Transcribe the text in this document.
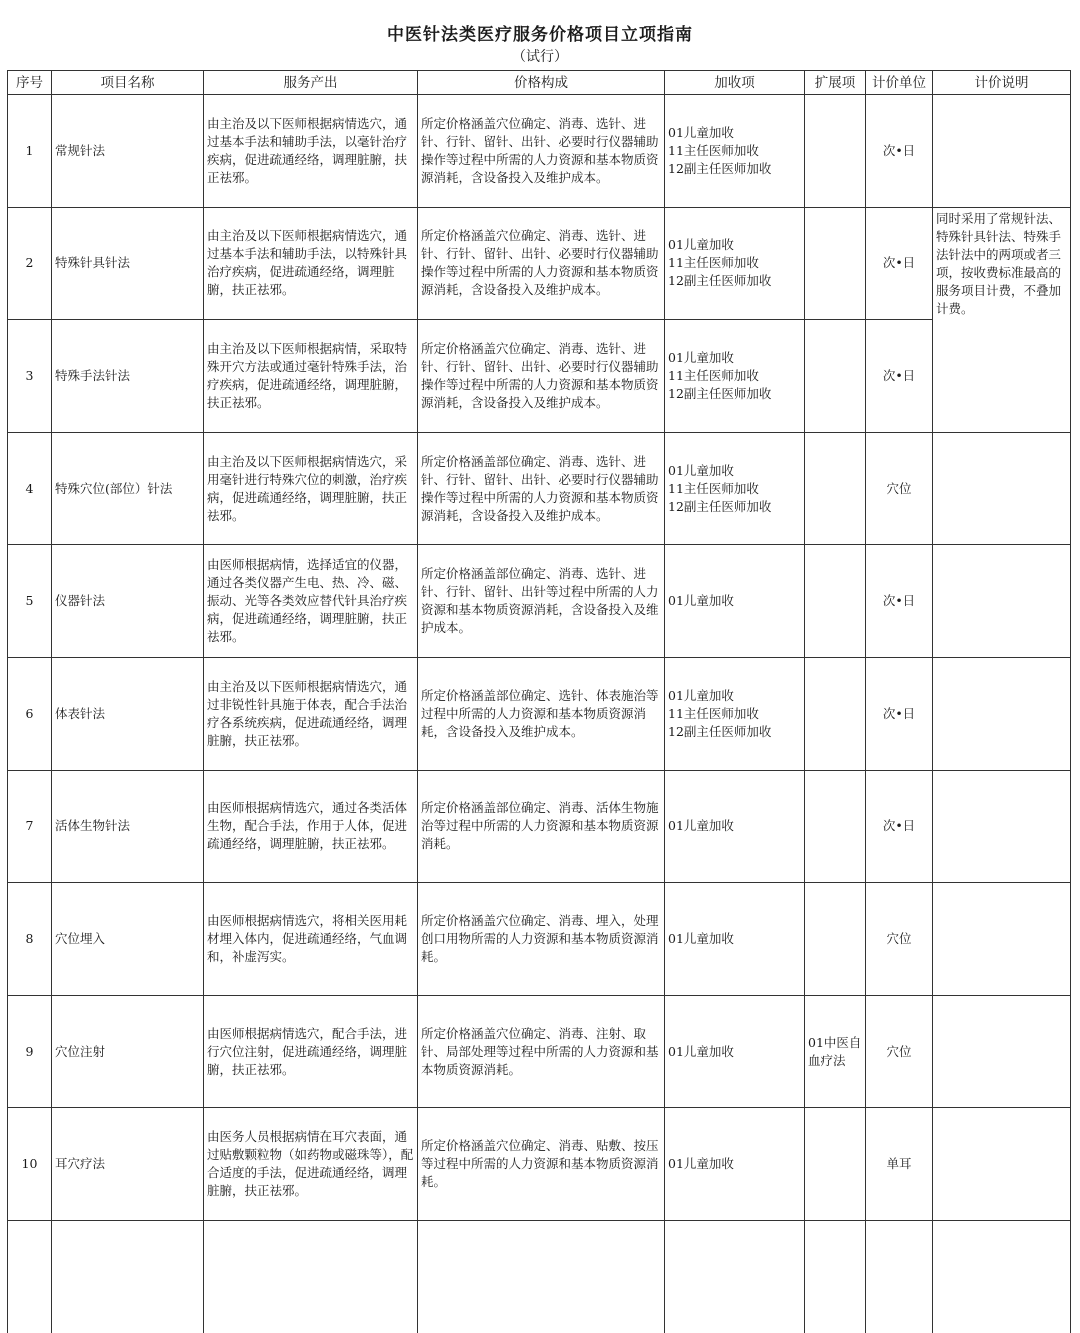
中医针法类医疗服务价格项目立项指南
（试行）
序号	项目名称	服务产出	价格构成	加收项	扩展项	计价单位	计价说明
1	常规针法	由主治及以下医师根据病情选穴，通过基本手法和辅助手法，以毫针治疗疾病，促进疏通经络，调理脏腑，扶正祛邪。	所定价格涵盖穴位确定、消毒、选针、进针、行针、留针、出针、必要时行仪器辅助操作等过程中所需的人力资源和基本物质资源消耗，含设备投入及维护成本。	01儿童加收
11主任医师加收
12副主任医师加收		次•日	
2	特殊针具针法	由主治及以下医师根据病情选穴，通过基本手法和辅助手法，以特殊针具治疗疾病，促进疏通经络，调理脏腑，扶正祛邪。	所定价格涵盖穴位确定、消毒、选针、进针、行针、留针、出针、必要时行仪器辅助操作等过程中所需的人力资源和基本物质资源消耗，含设备投入及维护成本。	01儿童加收
11主任医师加收
12副主任医师加收		次•日	同时采用了常规针法、特殊针具针法、特殊手法针法中的两项或者三项，按收费标准最高的服务项目计费，不叠加计费。
3	特殊手法针法	由主治及以下医师根据病情，采取特殊开穴方法或通过毫针特殊手法，治疗疾病，促进疏通经络，调理脏腑，扶正祛邪。	所定价格涵盖穴位确定、消毒、选针、进针、行针、留针、出针、必要时行仪器辅助操作等过程中所需的人力资源和基本物质资源消耗，含设备投入及维护成本。	01儿童加收
11主任医师加收
12副主任医师加收		次•日	
4	特殊穴位(部位）针法	由主治及以下医师根据病情选穴，采用毫针进行特殊穴位的刺激，治疗疾病，促进疏通经络，调理脏腑，扶正祛邪。	所定价格涵盖部位确定、消毒、选针、进针、行针、留针、出针、必要时行仪器辅助操作等过程中所需的人力资源和基本物质资源消耗，含设备投入及维护成本。	01儿童加收
11主任医师加收
12副主任医师加收		穴位	
5	仪器针法	由医师根据病情，选择适宜的仪器，通过各类仪器产生电、热、冷、磁、振动、光等各类效应替代针具治疗疾病，促进疏通经络，调理脏腑，扶正祛邪。	所定价格涵盖部位确定、消毒、选针、进针、行针、留针、出针等过程中所需的人力资源和基本物质资源消耗，含设备投入及维护成本。	01儿童加收		次•日	
6	体表针法	由主治及以下医师根据病情选穴，通过非锐性针具施于体表，配合手法治疗各系统疾病，促进疏通经络，调理脏腑，扶正祛邪。	所定价格涵盖部位确定、选针、体表施治等过程中所需的人力资源和基本物质资源消耗，含设备投入及维护成本。	01儿童加收
11主任医师加收
12副主任医师加收		次•日	
7	活体生物针法	由医师根据病情选穴，通过各类活体生物，配合手法，作用于人体，促进疏通经络，调理脏腑，扶正祛邪。	所定价格涵盖部位确定、消毒、活体生物施治等过程中所需的人力资源和基本物质资源消耗。	01儿童加收		次•日	
8	穴位埋入	由医师根据病情选穴，将相关医用耗材埋入体内，促进疏通经络，气血调和，补虚泻实。	所定价格涵盖穴位确定、消毒、埋入，处理创口用物所需的人力资源和基本物质资源消耗。	01儿童加收		穴位	
9	穴位注射	由医师根据病情选穴，配合手法，进行穴位注射，促进疏通经络，调理脏腑，扶正祛邪。	所定价格涵盖穴位确定、消毒、注射、取针、局部处理等过程中所需的人力资源和基本物质资源消耗。	01儿童加收	01中医自血疗法	穴位	
10	耳穴疗法	由医务人员根据病情在耳穴表面，通过贴敷颗粒物（如药物或磁珠等），配合适度的手法，促进疏通经络，调理脏腑，扶正祛邪。	所定价格涵盖穴位确定、消毒、贴敷、按压等过程中所需的人力资源和基本物质资源消耗。	01儿童加收		单耳	
